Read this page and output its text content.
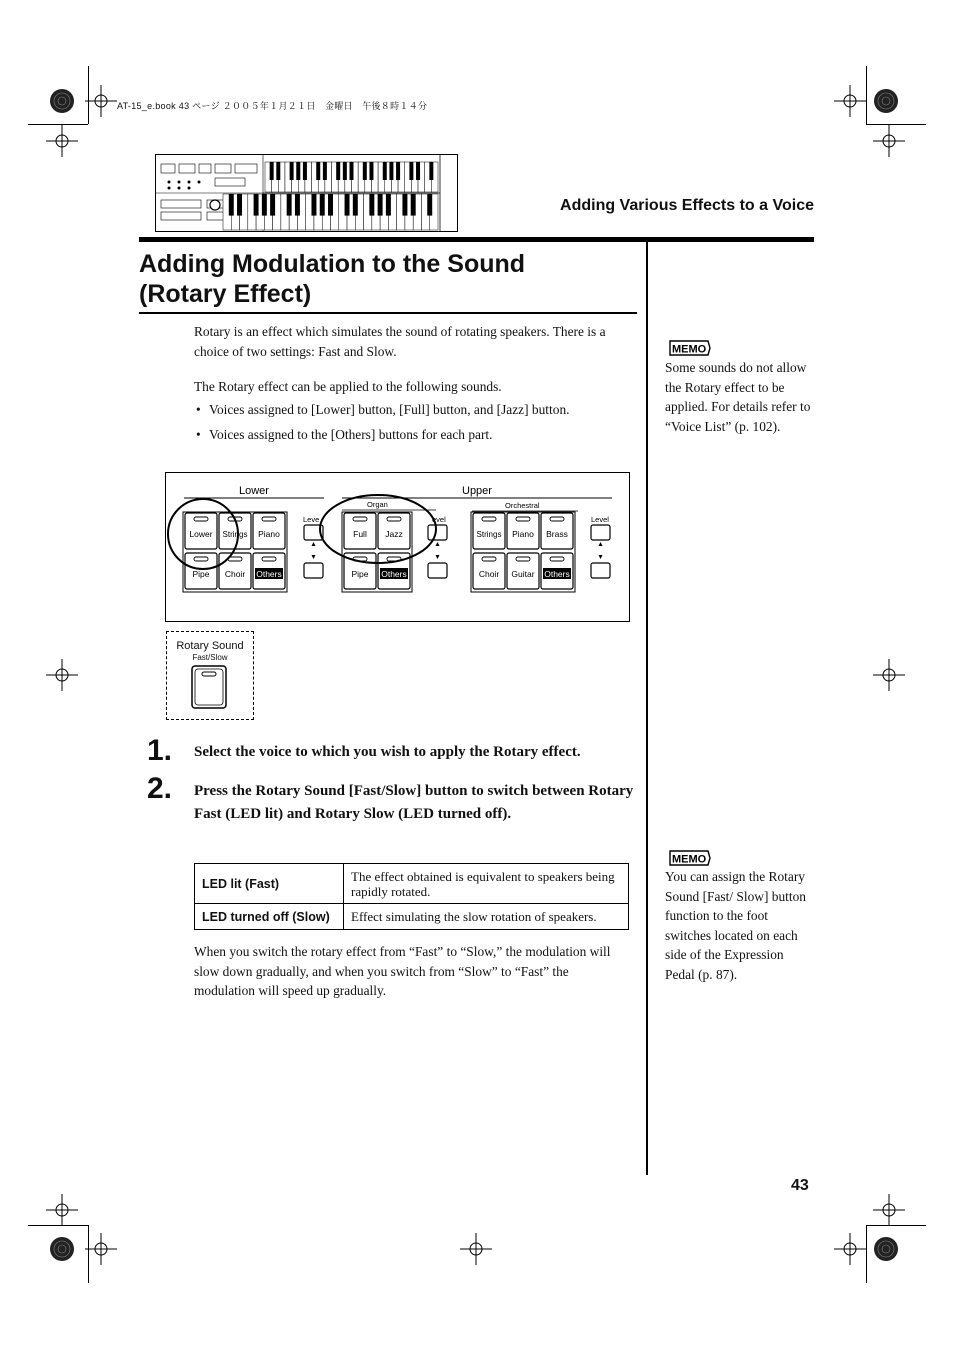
AT-15_e.book 43 ページ ２００５年１月２１日　金曜日　午後８時１４分
Adding Various Effects to a Voice
Adding Modulation to the Sound
(Rotary Effect)
Rotary is an effect which simulates the sound of rotating speakers. There is a choice of two settings: Fast and Slow.
The Rotary effect can be applied to the following sounds.
• Voices assigned to [Lower] button, [Full] button, and [Jazz] button.
• Voices assigned to the [Others] buttons for each part.
Lower	Upper
Organ	Orchestral
Leve	evel	Level
Lower Strings Piano
Pipe Choir Others
Full Jazz
Pipe Others
Strings Piano Brass
Choir Guitar Others
Rotary Sound
Fast/Slow
1. Select the voice to which you wish to apply the Rotary effect.
2. Press the Rotary Sound [Fast/Slow] button to switch between Rotary Fast (LED lit) and Rotary Slow (LED turned off).
LED lit (Fast)	The effect obtained is equivalent to speakers being rapidly rotated.
LED turned off (Slow)	Effect simulating the slow rotation of speakers.
When you switch the rotary effect from “Fast” to “Slow,” the modulation will slow down gradually, and when you switch from “Slow” to “Fast” the modulation will speed up gradually.
MEMO
Some sounds do not allow the Rotary effect to be applied. For details refer to “Voice List” (p. 102).
MEMO
You can assign the Rotary Sound [Fast/ Slow] button function to the foot switches located on each side of the Expression Pedal (p. 87).
43
